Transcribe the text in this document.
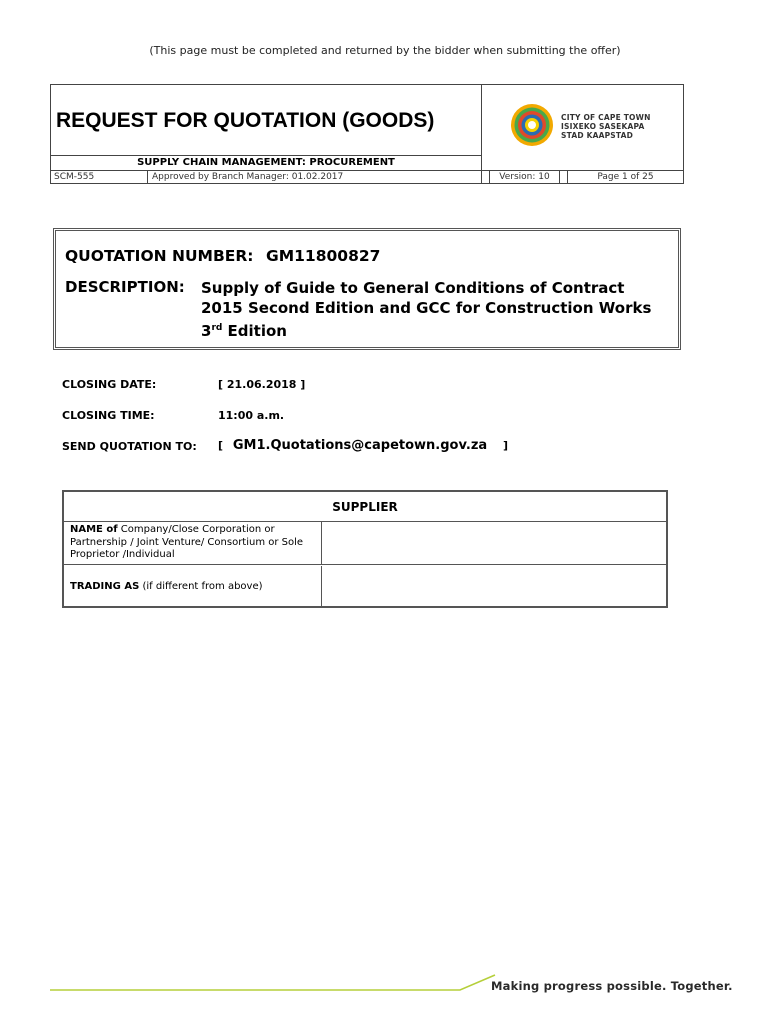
(This page must be completed and returned by the bidder when submitting the offer)
REQUEST FOR QUOTATION (GOODS)	CITY OF CAPE TOWN
ISIXEKO SASEKAPA
STAD KAAPSTAD
SUPPLY CHAIN MANAGEMENT: PROCUREMENT
SCM-555	Approved by Branch Manager: 01.02.2017	Version: 10	Page 1 of 25
QUOTATION NUMBER: GM11800827
DESCRIPTION: Supply of Guide to General Conditions of Contract
2015 Second Edition and GCC for Construction Works
3rd Edition
CLOSING DATE:	[ 21.06.2018 ]
CLOSING TIME:	11:00 a.m.
SEND QUOTATION TO: [ GM1.Quotations@capetown.gov.za ]
SUPPLIER
NAME of Company/Close Corporation or Partnership / Joint Venture/ Consortium or Sole Proprietor /Individual
TRADING AS (if different from above)
Making progress possible. Together.
